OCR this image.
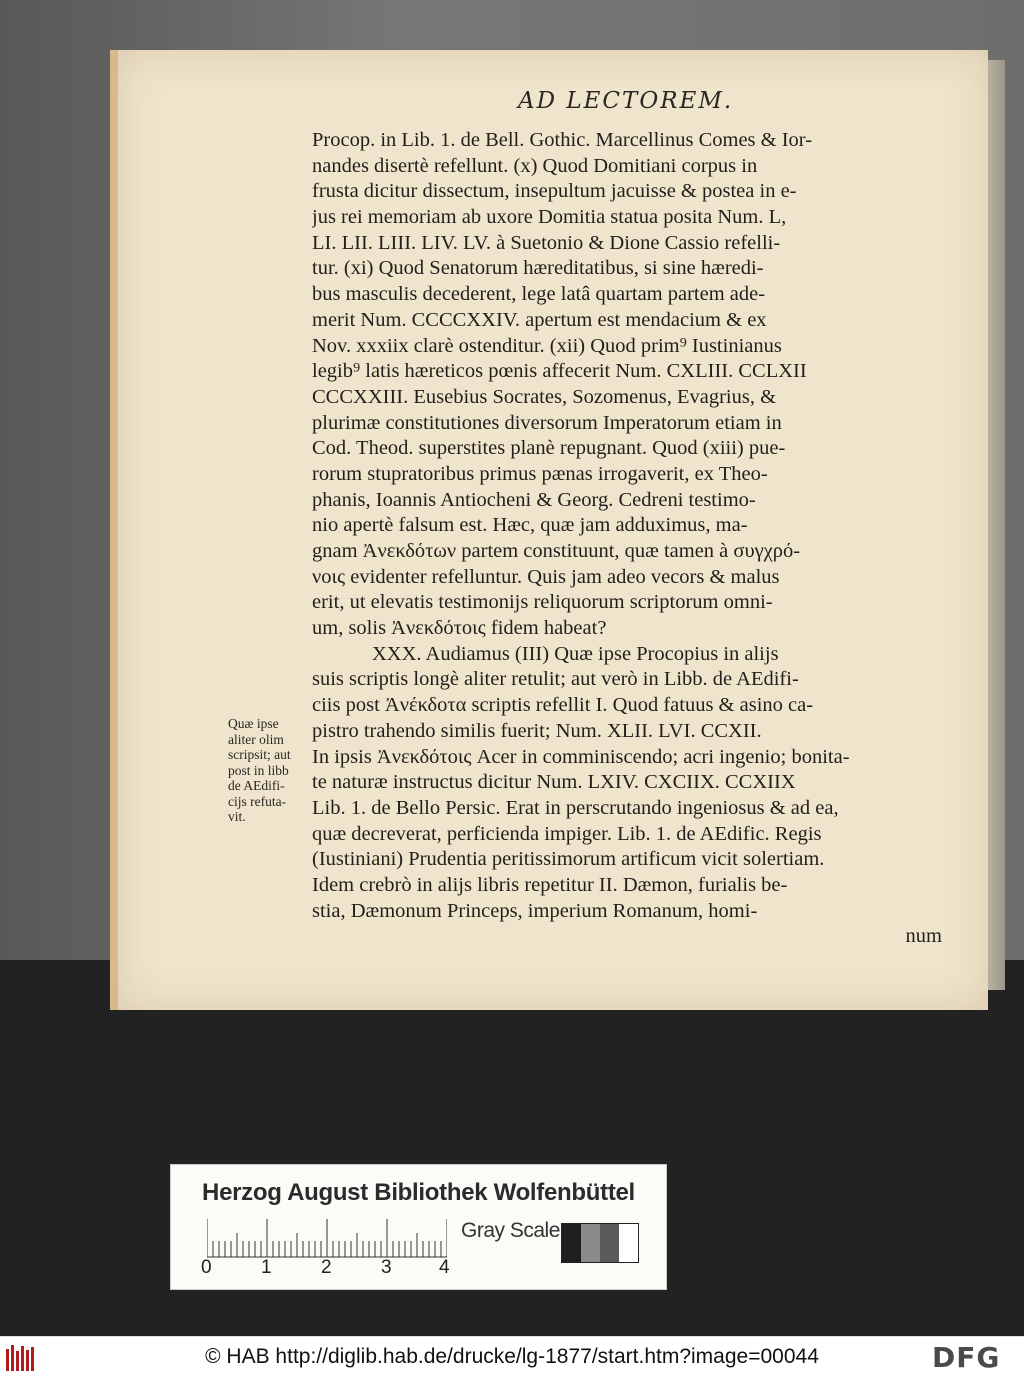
AD LECTOREM.
Procop. in Lib. 1. de Bell. Gothic. Marcellinus Comes & Ior-
nandes disertè refellunt. (x) Quod Domitiani corpus in
frusta dicitur dissectum, insepultum jacuisse & postea in e-
jus rei memoriam ab uxore Domitia statua posita Num. L,
LI. LII. LIII. LIV. LV. à Suetonio & Dione Cassio refelli-
tur. (xi) Quod Senatorum hæreditatibus, si sine hæredi-
bus masculis decederent, lege latâ quartam partem ade-
merit Num. CCCCXXIV. apertum est mendacium & ex
Nov. xxxiix clarè ostenditur. (xii) Quod prim⁹ Iustinianus
legib⁹ latis hæreticos pœnis affecerit Num. CXLIII. CCLXII
CCCXXIII. Eusebius Socrates, Sozomenus, Evagrius, &
plurimæ constitutiones diversorum Imperatorum etiam in
Cod. Theod. superstites planè repugnant. Quod (xiii) pue-
rorum stupratoribus primus pænas irrogaverit, ex Theo-
phanis, Ioannis Antiocheni & Georg. Cedreni testimo-
nio apertè falsum est. Hæc, quæ jam adduximus, ma-
gnam Ἀνεκδότων partem constituunt, quæ tamen à συγχρό-
νοις evidenter refelluntur. Quis jam adeo vecors & malus
erit, ut elevatis testimonijs reliquorum scriptorum omni-
um, solis Ἀνεκδότοις fidem habeat?
XXX. Audiamus (III) Quæ ipse Procopius in alijs
suis scriptis longè aliter retulit; aut verò in Libb. de AEdifi-
ciis post Ἀνέκδοτα scriptis refellit I. Quod fatuus & asino ca-
pistro trahendo similis fuerit; Num. XLII. LVI. CCXII.
In ipsis Ἀνεκδότοις Acer in comminiscendo; acri ingenio; bonita-
te naturæ instructus dicitur Num. LXIV. CXCIIX. CCXIIX
Lib. 1. de Bello Persic. Erat in perscrutando ingeniosus & ad ea,
quæ decreverat, perficienda impiger. Lib. 1. de AEdific. Regis
(Iustiniani) Prudentia peritissimorum artificum vicit solertiam.
Idem crebrò in alijs libris repetitur II. Dæmon, furialis be-
stia, Dæmonum Princeps, imperium Romanum, homi-
num
Quæ ipse
aliter olim
scripsit; aut
post in libb
de AEdifi-
cijs refuta-
vit.
Herzog August Bibliothek Wolfenbüttel
0	1	2	3 4
Gray Scale
© HAB http://diglib.hab.de/drucke/lg-1877/start.htm?image=00044	DFG
